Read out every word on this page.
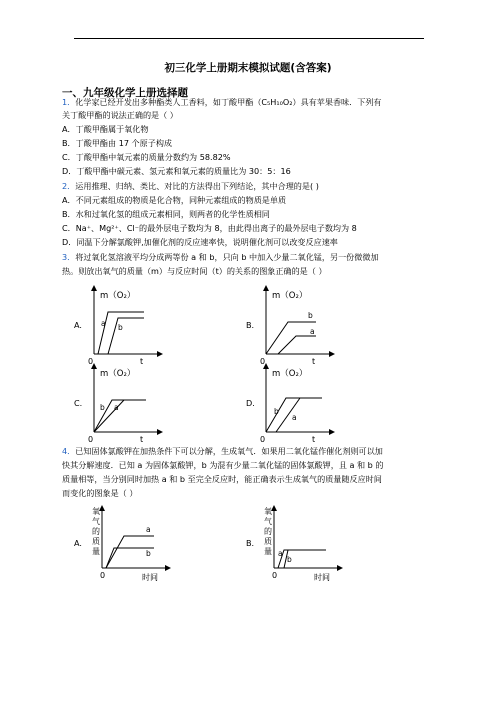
初三化学上册期末模拟试题(含答案)
一、九年级化学上册选择题
1．化学家已经开发出多种酯类人工香料，如丁酸甲酯（C₅H₁₀O₂）具有苹果香味．下列有
关丁酸甲酯的说法正确的是（ ）
A．丁酸甲酯属于氧化物
B．丁酸甲酯由 17 个原子构成
C．丁酸甲酯中氧元素的质量分数约为 58.82%
D．丁酸甲酯中碳元素、氢元素和氧元素的质量比为 30：5：16
2．运用推理、归纳、类比、对比的方法得出下列结论，其中合理的是( )
A．不同元素组成的物质是化合物，同种元素组成的物质是单质
B．水和过氧化氢的组成元素相同，则两者的化学性质相同
C．Na⁺、Mg²⁺、Cl⁻的最外层电子数均为 8，由此得出离子的最外层电子数均为 8
D．同温下分解氯酸钾,加催化剂的反应速率快，说明催化剂可以改变反应速率
3．将过氧化氢溶液平均分成两等份 a 和 b，只向 b 中加入少量二氧化锰，另一份微微加
热。则放出氧气的质量（m）与反应时间（t）的关系的图象正确的是（ ）
A.	B.
C.	D.
m（O₂）
0	t
a b
m（O₂）
0	t
b
a
m（O₂）
0	t
b a
m（O₂）
0	t
b
a
4．已知固体氯酸钾在加热条件下可以分解，生成氧气．如果用二氧化锰作催化剂则可以加
快其分解速度．已知 a 为固体氯酸钾，b 为混有少量二氧化锰的固体氯酸钾，且 a 和 b 的
质量相等，当分别同时加热 a 和 b 至完全反应时，能正确表示生成氧气的质量随反应时间
而变化的图象是（ ）
A.	B.
氧
气
的
质
量
0	时间
a
b
氧
气
的
质
量
0	时间
a
b
